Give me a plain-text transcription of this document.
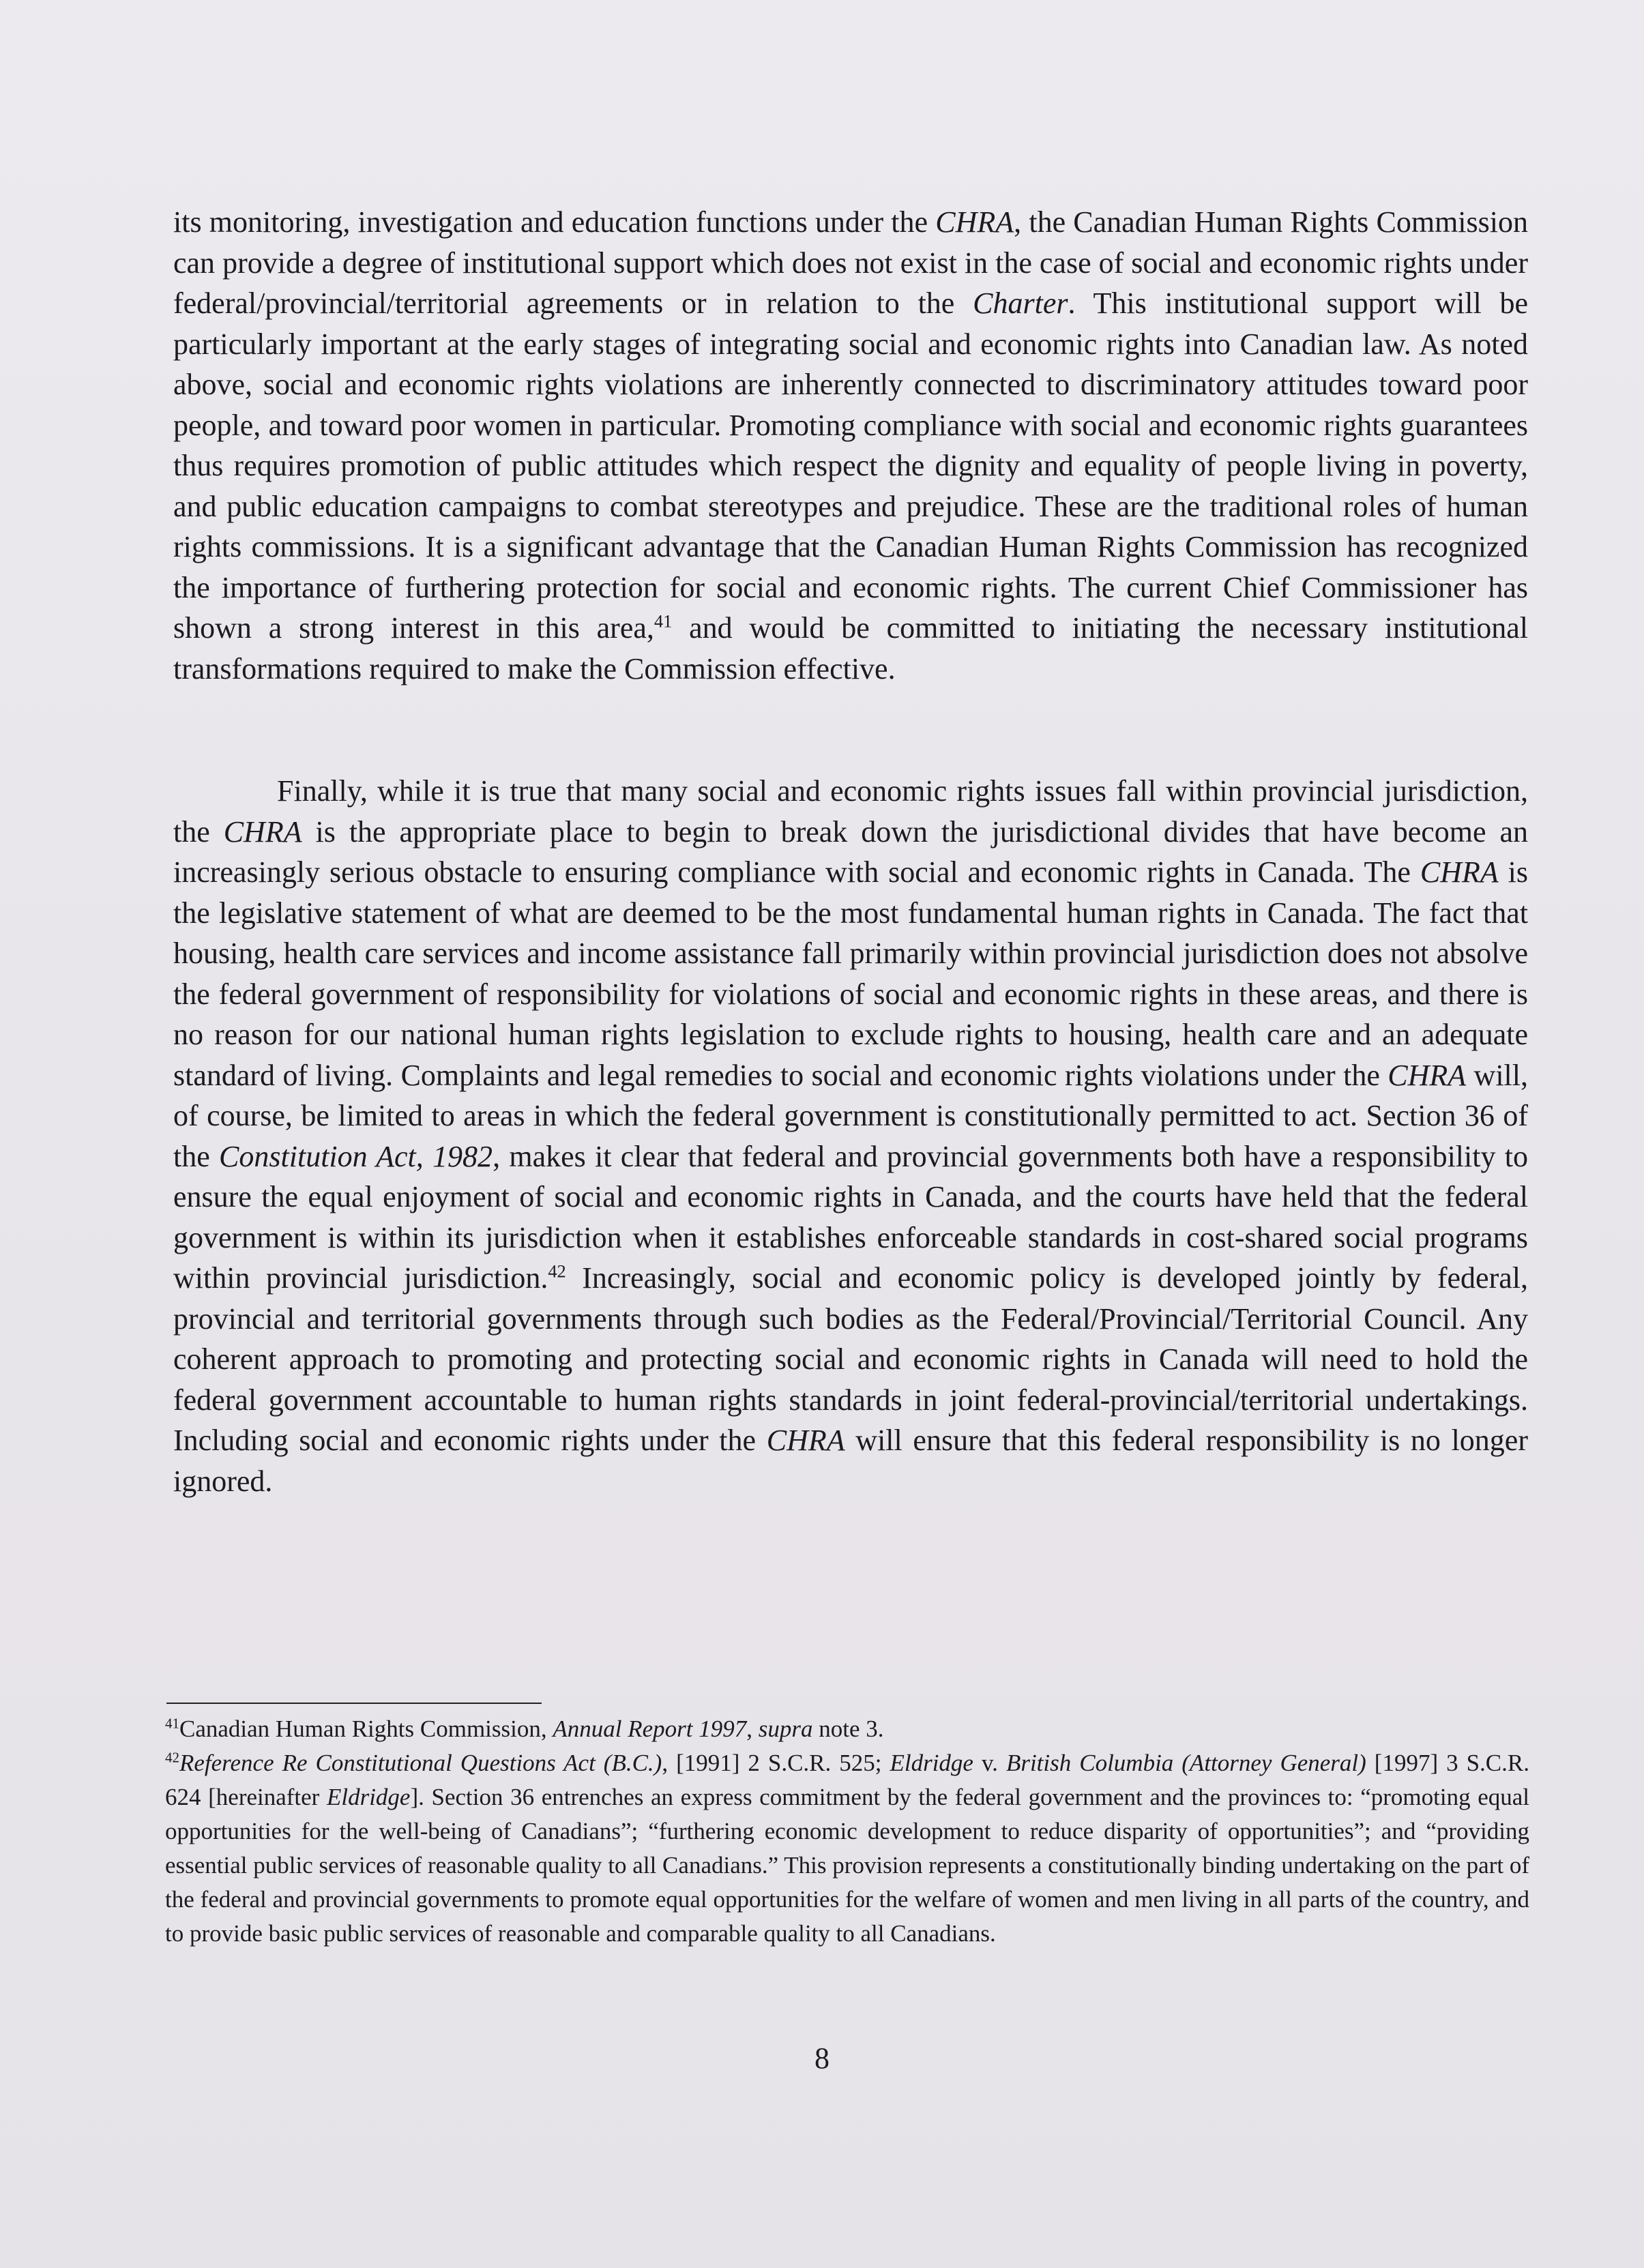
its monitoring, investigation and education functions under the CHRA, the Canadian Human Rights Commission can provide a degree of institutional support which does not exist in the case of social and economic rights under federal/provincial/territorial agreements or in relation to the Charter. This institutional support will be particularly important at the early stages of integrating social and economic rights into Canadian law. As noted above, social and economic rights violations are inherently connected to discriminatory attitudes toward poor people, and toward poor women in particular. Promoting compliance with social and economic rights guarantees thus requires promotion of public attitudes which respect the dignity and equality of people living in poverty, and public education campaigns to combat stereotypes and prejudice. These are the traditional roles of human rights commissions. It is a significant advantage that the Canadian Human Rights Commission has recognized the importance of furthering protection for social and economic rights. The current Chief Commissioner has shown a strong interest in this area,$^{41}$ and would be committed to initiating the necessary institutional transformations required to make the Commission effective.

Finally, while it is true that many social and economic rights issues fall within provincial jurisdiction, the CHRA is the appropriate place to begin to break down the jurisdictional divides that have become an increasingly serious obstacle to ensuring compliance with social and economic rights in Canada. The CHRA is the legislative statement of what are deemed to be the most fundamental human rights in Canada. The fact that housing, health care services and income assistance fall primarily within provincial jurisdiction does not absolve the federal government of responsibility for violations of social and economic rights in these areas, and there is no reason for our national human rights legislation to exclude rights to housing, health care and an adequate standard of living. Complaints and legal remedies to social and economic rights violations under the CHRA will, of course, be limited to areas in which the federal government is constitutionally permitted to act. Section 36 of the Constitution Act, 1982, makes it clear that federal and provincial governments both have a responsibility to ensure the equal enjoyment of social and economic rights in Canada, and the courts have held that the federal government is within its jurisdiction when it establishes enforceable standards in cost-shared social programs within provincial jurisdiction.$^{42}$ Increasingly, social and economic policy is developed jointly by federal, provincial and territorial governments through such bodies as the Federal/Provincial/Territorial Council. Any coherent approach to promoting and protecting social and economic rights in Canada will need to hold the federal government accountable to human rights standards in joint federal-provincial/territorial undertakings. Including social and economic rights under the CHRA will ensure that this federal responsibility is no longer ignored.

$^{41}$Canadian Human Rights Commission, Annual Report 1997, supra note 3.

$^{42}$Reference Re Constitutional Questions Act (B.C.), [1991] 2 S.C.R. 525; Eldridge v. British Columbia (Attorney General) [1997] 3 S.C.R. 624 [hereinafter Eldridge]. Section 36 entrenches an express commitment by the federal government and the provinces to: “promoting equal opportunities for the well-being of Canadians”; “furthering economic development to reduce disparity of opportunities”; and “providing essential public services of reasonable quality to all Canadians.” This provision represents a constitutionally binding undertaking on the part of the federal and provincial governments to promote equal opportunities for the welfare of women and men living in all parts of the country, and to provide basic public services of reasonable and comparable quality to all Canadians.

8
